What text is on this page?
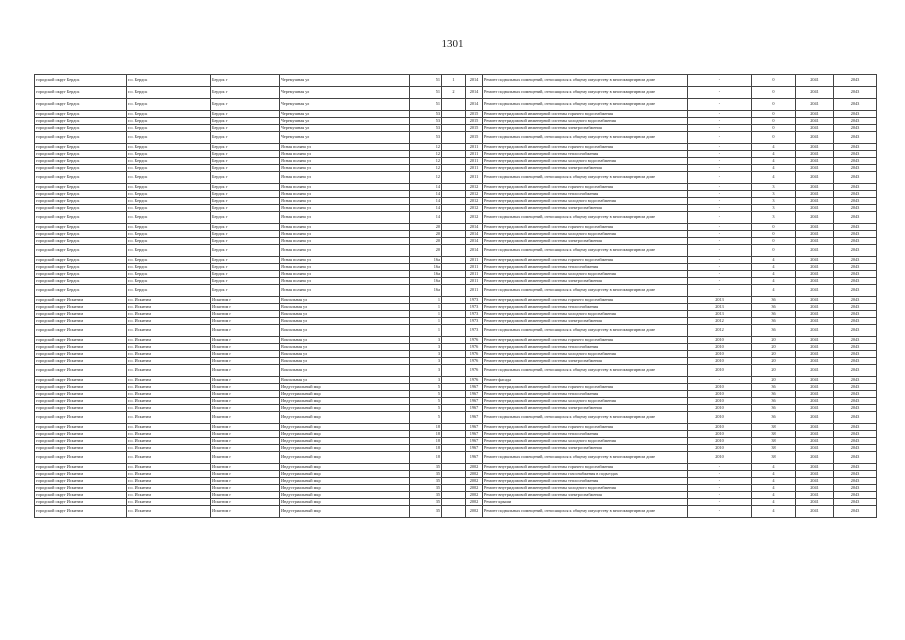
1301
городской округ Бердск	г.о. Бердск	Бердск г	Черемушная ул	51	1	2014	Ремонт подвальных помещений, относящихся к общему имуществу в многоквартирном доме	-	0	2041	2043
городской округ Бердск	г.о. Бердск	Бердск г	Черемушная ул	51	2	2014	Ремонт подвальных помещений, относящихся к общему имуществу в многоквартирном доме	-	0	2041	2043
городской округ Бердск	г.о. Бердск	Бердск г	Черемушная ул	51		2014	Ремонт подвальных помещений, относящихся к общему имуществу в многоквартирном доме	-	0	2041	2043
городской округ Бердск	г.о. Бердск	Бердск г	Черемушная ул	53		2015	Ремонт внутридомовой инженерной системы горячего водоснабжения	-	0	2041	2043
городской округ Бердск	г.о. Бердск	Бердск г	Черемушная ул	53		2015	Ремонт внутридомовой инженерной системы холодного водоснабжения	-	0	2041	2043
городской округ Бердск	г.о. Бердск	Бердск г	Черемушная ул	53		2015	Ремонт внутридомовой инженерной системы электроснабжения	-	0	2041	2043
городской округ Бердск	г.о. Бердск	Бердск г	Черемушная ул	53		2015	Ремонт подвальных помещений, относящихся к общему имуществу в многоквартирном доме	-	0	2041	2043
городской округ Бердск	г.о. Бердск	Бердск г	Ясная поляна ул	12		2011	Ремонт внутридомовой инженерной системы горячего водоснабжения	-	4	2041	2043
городской округ Бердск	г.о. Бердск	Бердск г	Ясная поляна ул	12		2011	Ремонт внутридомовой инженерной системы теплоснабжения	-	4	2041	2043
городской округ Бердск	г.о. Бердск	Бердск г	Ясная поляна ул	12		2011	Ремонт внутридомовой инженерной системы холодного водоснабжения	-	4	2041	2043
городской округ Бердск	г.о. Бердск	Бердск г	Ясная поляна ул	12		2011	Ремонт внутридомовой инженерной системы электроснабжения	-	4	2041	2043
городской округ Бердск	г.о. Бердск	Бердск г	Ясная поляна ул	12		2011	Ремонт подвальных помещений, относящихся к общему имуществу в многоквартирном доме	-	4	2041	2043
городской округ Бердск	г.о. Бердск	Бердск г	Ясная поляна ул	14		2012	Ремонт внутридомовой инженерной системы горячего водоснабжения	-	3	2041	2043
городской округ Бердск	г.о. Бердск	Бердск г	Ясная поляна ул	14		2012	Ремонт внутридомовой инженерной системы теплоснабжения	-	3	2041	2043
городской округ Бердск	г.о. Бердск	Бердск г	Ясная поляна ул	14		2012	Ремонт внутридомовой инженерной системы холодного водоснабжения	-	3	2041	2043
городской округ Бердск	г.о. Бердск	Бердск г	Ясная поляна ул	14		2012	Ремонт внутридомовой инженерной системы электроснабжения	-	3	2041	2043
городской округ Бердск	г.о. Бердск	Бердск г	Ясная поляна ул	14		2012	Ремонт подвальных помещений, относящихся к общему имуществу в многоквартирном доме	-	3	2041	2043
городской округ Бердск	г.о. Бердск	Бердск г	Ясная поляна ул	20		2014	Ремонт внутридомовой инженерной системы горячего водоснабжения	-	0	2041	2043
городской округ Бердск	г.о. Бердск	Бердск г	Ясная поляна ул	20		2014	Ремонт внутридомовой инженерной системы холодного водоснабжения	-	0	2041	2043
городской округ Бердск	г.о. Бердск	Бердск г	Ясная поляна ул	20		2014	Ремонт внутридомовой инженерной системы электроснабжения	-	0	2041	2043
городской округ Бердск	г.о. Бердск	Бердск г	Ясная поляна ул	20		2014	Ремонт подвальных помещений, относящихся к общему имуществу в многоквартирном доме	-	0	2041	2043
городской округ Бердск	г.о. Бердск	Бердск г	Ясная поляна ул	16а		2011	Ремонт внутридомовой инженерной системы горячего водоснабжения	-	4	2041	2043
городской округ Бердск	г.о. Бердск	Бердск г	Ясная поляна ул	16а		2011	Ремонт внутридомовой инженерной системы теплоснабжения	-	4	2041	2043
городской округ Бердск	г.о. Бердск	Бердск г	Ясная поляна ул	16а		2011	Ремонт внутридомовой инженерной системы холодного водоснабжения	-	4	2041	2043
городской округ Бердск	г.о. Бердск	Бердск г	Ясная поляна ул	16а		2011	Ремонт внутридомовой инженерной системы электроснабжения	-	4	2041	2043
городской округ Бердск	г.о. Бердск	Бердск г	Ясная поляна ул	16а		2011	Ремонт подвальных помещений, относящихся к общему имуществу в многоквартирном доме	-	4	2041	2043
городской округ Искитим	г.о. Искитим	Искитим г	Вокзальная ул	1		1973	Ремонт внутридомовой инженерной системы горячего водоснабжения	2013	36	2041	2043
городской округ Искитим	г.о. Искитим	Искитим г	Вокзальная ул	1		1973	Ремонт внутридомовой инженерной системы теплоснабжения	2013	36	2041	2043
городской округ Искитим	г.о. Искитим	Искитим г	Вокзальная ул	1		1973	Ремонт внутридомовой инженерной системы холодного водоснабжения	2013	36	2041	2043
городской округ Искитим	г.о. Искитим	Искитим г	Вокзальная ул	1		1973	Ремонт внутридомовой инженерной системы электроснабжения	2012	36	2041	2043
городской округ Искитим	г.о. Искитим	Искитим г	Вокзальная ул	1		1973	Ремонт подвальных помещений, относящихся к общему имуществу в многоквартирном доме	2012	36	2041	2043
городской округ Искитим	г.о. Искитим	Искитим г	Вокзальная ул	3		1976	Ремонт внутридомовой инженерной системы горячего водоснабжения	2010	20	2041	2043
городской округ Искитим	г.о. Искитим	Искитим г	Вокзальная ул	3		1976	Ремонт внутридомовой инженерной системы теплоснабжения	2010	20	2041	2043
городской округ Искитим	г.о. Искитим	Искитим г	Вокзальная ул	3		1976	Ремонт внутридомовой инженерной системы холодного водоснабжения	2010	20	2041	2043
городской округ Искитим	г.о. Искитим	Искитим г	Вокзальная ул	3		1976	Ремонт внутридомовой инженерной системы электроснабжения	2010	20	2041	2043
городской округ Искитим	г.о. Искитим	Искитим г	Вокзальная ул	3		1976	Ремонт подвальных помещений, относящихся к общему имуществу в многоквартирном доме	2010	20	2041	2043
городской округ Искитим	г.о. Искитим	Искитим г	Вокзальная ул	3		1976	Ремонт фасада	-	20	2041	2043
городской округ Искитим	г.о. Искитим	Искитим г	Индустриальный мкр	5		1967	Ремонт внутридомовой инженерной системы горячего водоснабжения	2010	36	2041	2043
городской округ Искитим	г.о. Искитим	Искитим г	Индустриальный мкр	5		1967	Ремонт внутридомовой инженерной системы теплоснабжения	2010	36	2041	2043
городской округ Искитим	г.о. Искитим	Искитим г	Индустриальный мкр	5		1967	Ремонт внутридомовой инженерной системы холодного водоснабжения	2010	36	2041	2043
городской округ Искитим	г.о. Искитим	Искитим г	Индустриальный мкр	5		1967	Ремонт внутридомовой инженерной системы электроснабжения	2010	36	2041	2043
городской округ Искитим	г.о. Искитим	Искитим г	Индустриальный мкр	5		1967	Ремонт подвальных помещений, относящихся к общему имуществу в многоквартирном доме	2010	36	2041	2043
городской округ Искитим	г.о. Искитим	Искитим г	Индустриальный мкр	18		1967	Ремонт внутридомовой инженерной системы горячего водоснабжения	2010	38	2041	2043
городской округ Искитим	г.о. Искитим	Искитим г	Индустриальный мкр	18		1967	Ремонт внутридомовой инженерной системы теплоснабжения	2010	38	2041	2043
городской округ Искитим	г.о. Искитим	Искитим г	Индустриальный мкр	18		1967	Ремонт внутридомовой инженерной системы холодного водоснабжения	2010	38	2041	2043
городской округ Искитим	г.о. Искитим	Искитим г	Индустриальный мкр	18		1967	Ремонт внутридомовой инженерной системы электроснабжения	2010	38	2041	2043
городской округ Искитим	г.о. Искитим	Искитим г	Индустриальный мкр	18		1967	Ремонт подвальных помещений, относящихся к общему имуществу в многоквартирном доме	2010	38	2041	2043
городской округ Искитим	г.о. Искитим	Искитим г	Индустриальный мкр	35		2002	Ремонт внутридомовой инженерной системы горячего водоснабжения	-	4	2041	2043
городской округ Искитим	г.о. Искитим	Искитим г	Индустриальный мкр	35		2002	Ремонт внутридомовой инженерной системы газоснабжения в подъездах	-	4	2041	2043
городской округ Искитим	г.о. Искитим	Искитим г	Индустриальный мкр	35		2002	Ремонт внутридомовой инженерной системы теплоснабжения	-	4	2041	2043
городской округ Искитим	г.о. Искитим	Искитим г	Индустриальный мкр	35		2002	Ремонт внутридомовой инженерной системы холодного водоснабжения	-	4	2041	2043
городской округ Искитим	г.о. Искитим	Искитим г	Индустриальный мкр	35		2002	Ремонт внутридомовой инженерной системы электроснабжения	-	4	2041	2043
городской округ Искитим	г.о. Искитим	Искитим г	Индустриальный мкр	35		2002	Ремонт крыши	-	4	2041	2043
городской округ Искитим	г.о. Искитим	Искитим г	Индустриальный мкр	35		2002	Ремонт подвальных помещений, относящихся к общему имуществу в многоквартирном доме	-	4	2041	2043
